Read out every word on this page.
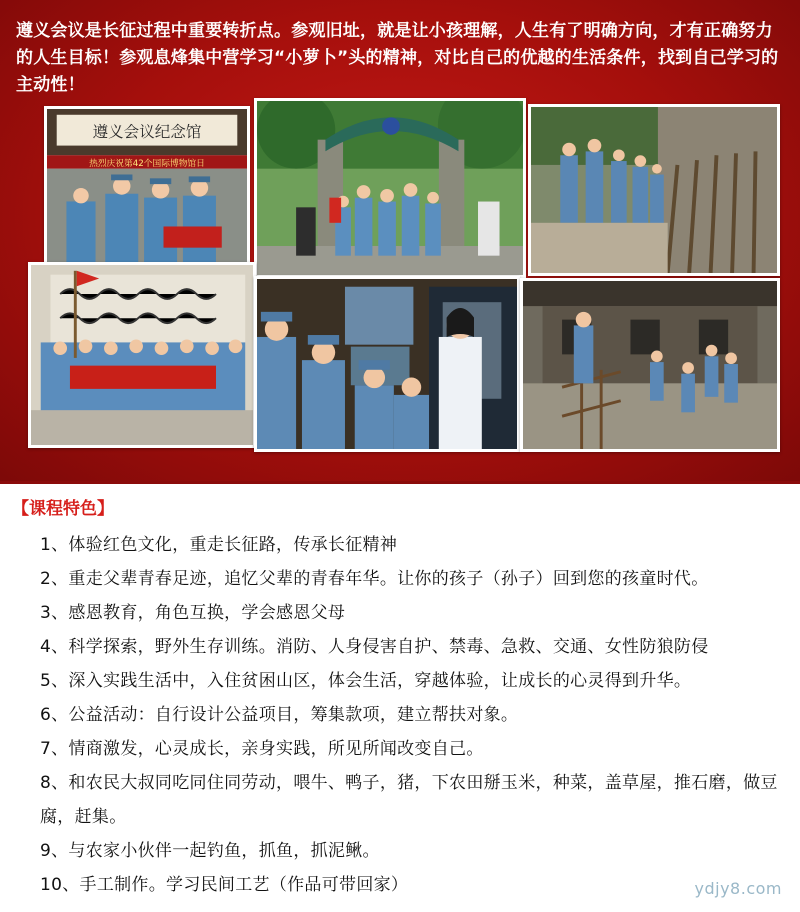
遵义会议是长征过程中重要转折点。参观旧址，就是让小孩理解，人生有了明确方向，才有正确努力的人生目标！参观息烽集中营学习“小萝卜”头的精神，对比自己的优越的生活条件，找到自己学习的主动性！
遵义会议纪念馆
热烈庆祝第42个国际博物馆日
【课程特色】
1、体验红色文化，重走长征路，传承长征精神
2、重走父辈青春足迹，追忆父辈的青春年华。让你的孩子（孙子）回到您的孩童时代。
3、感恩教育，角色互换，学会感恩父母
4、科学探索，野外生存训练。消防、人身侵害自护、禁毒、急救、交通、女性防狼防侵
5、深入实践生活中，入住贫困山区，体会生活，穿越体验，让成长的心灵得到升华。
6、公益活动：自行设计公益项目，筹集款项，建立帮扶对象。
7、情商激发，心灵成长，亲身实践，所见所闻改变自己。
8、和农民大叔同吃同住同劳动，喂牛、鸭子，猪，下农田掰玉米，种菜，盖草屋，推石磨，做豆腐，赶集。
9、与农家小伙伴一起钓鱼，抓鱼，抓泥鳅。
10、手工制作。学习民间工艺（作品可带回家）	ydjy8.com
